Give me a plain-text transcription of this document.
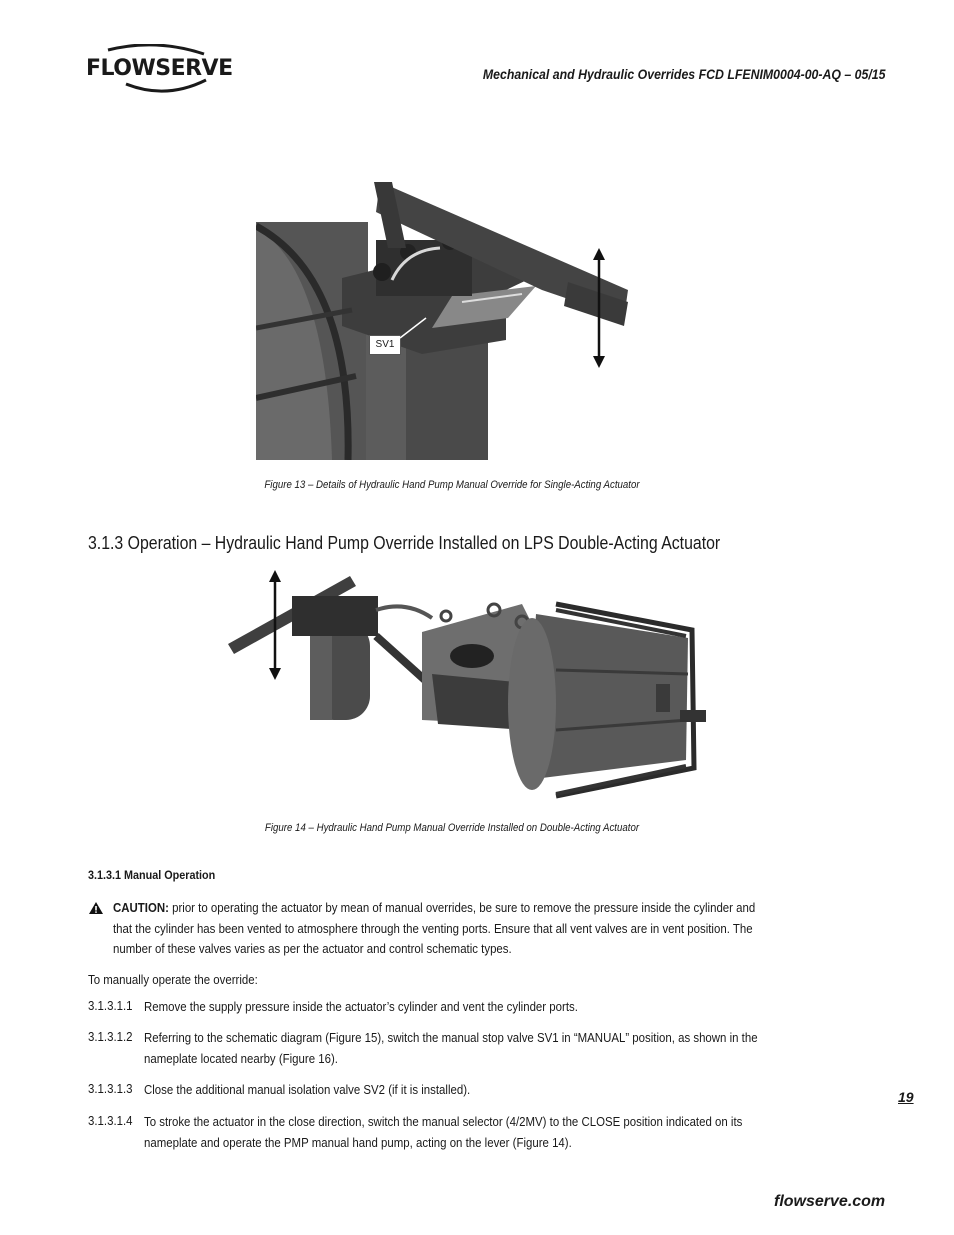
FLOWSERVE	Mechanical and Hydraulic Overrides FCD LFENIM0004-00-AQ – 05/15
SV1
Figure 13 – Details of Hydraulic Hand Pump Manual Override for Single-Acting Actuator
3.1.3 Operation – Hydraulic Hand Pump Override Installed on LPS Double-Acting Actuator
Figure 14 – Hydraulic Hand Pump Manual Override Installed on Double-Acting Actuator
3.1.3.1 Manual Operation
CAUTION: prior to operating the actuator by mean of manual overrides, be sure to remove the pressure inside the cylinder and
that the cylinder has been vented to atmosphere through the venting ports. Ensure that all vent valves are in vent position. The
number of these valves varies as per the actuator and control schematic types.
To manually operate the override:
3.1.3.1.1 Remove the supply pressure inside the actuator’s cylinder and vent the cylinder ports.
3.1.3.1.2 Referring to the schematic diagram (Figure 15), switch the manual stop valve SV1 in “MANUAL” position, as shown in the
nameplate located nearby (Figure 16).
3.1.3.1.3 Close the additional manual isolation valve SV2 (if it is installed).
3.1.3.1.4 To stroke the actuator in the close direction, switch the manual selector (4/2MV) to the CLOSE position indicated on its
nameplate and operate the PMP manual hand pump, acting on the lever (Figure 14).
19
flowserve.com
